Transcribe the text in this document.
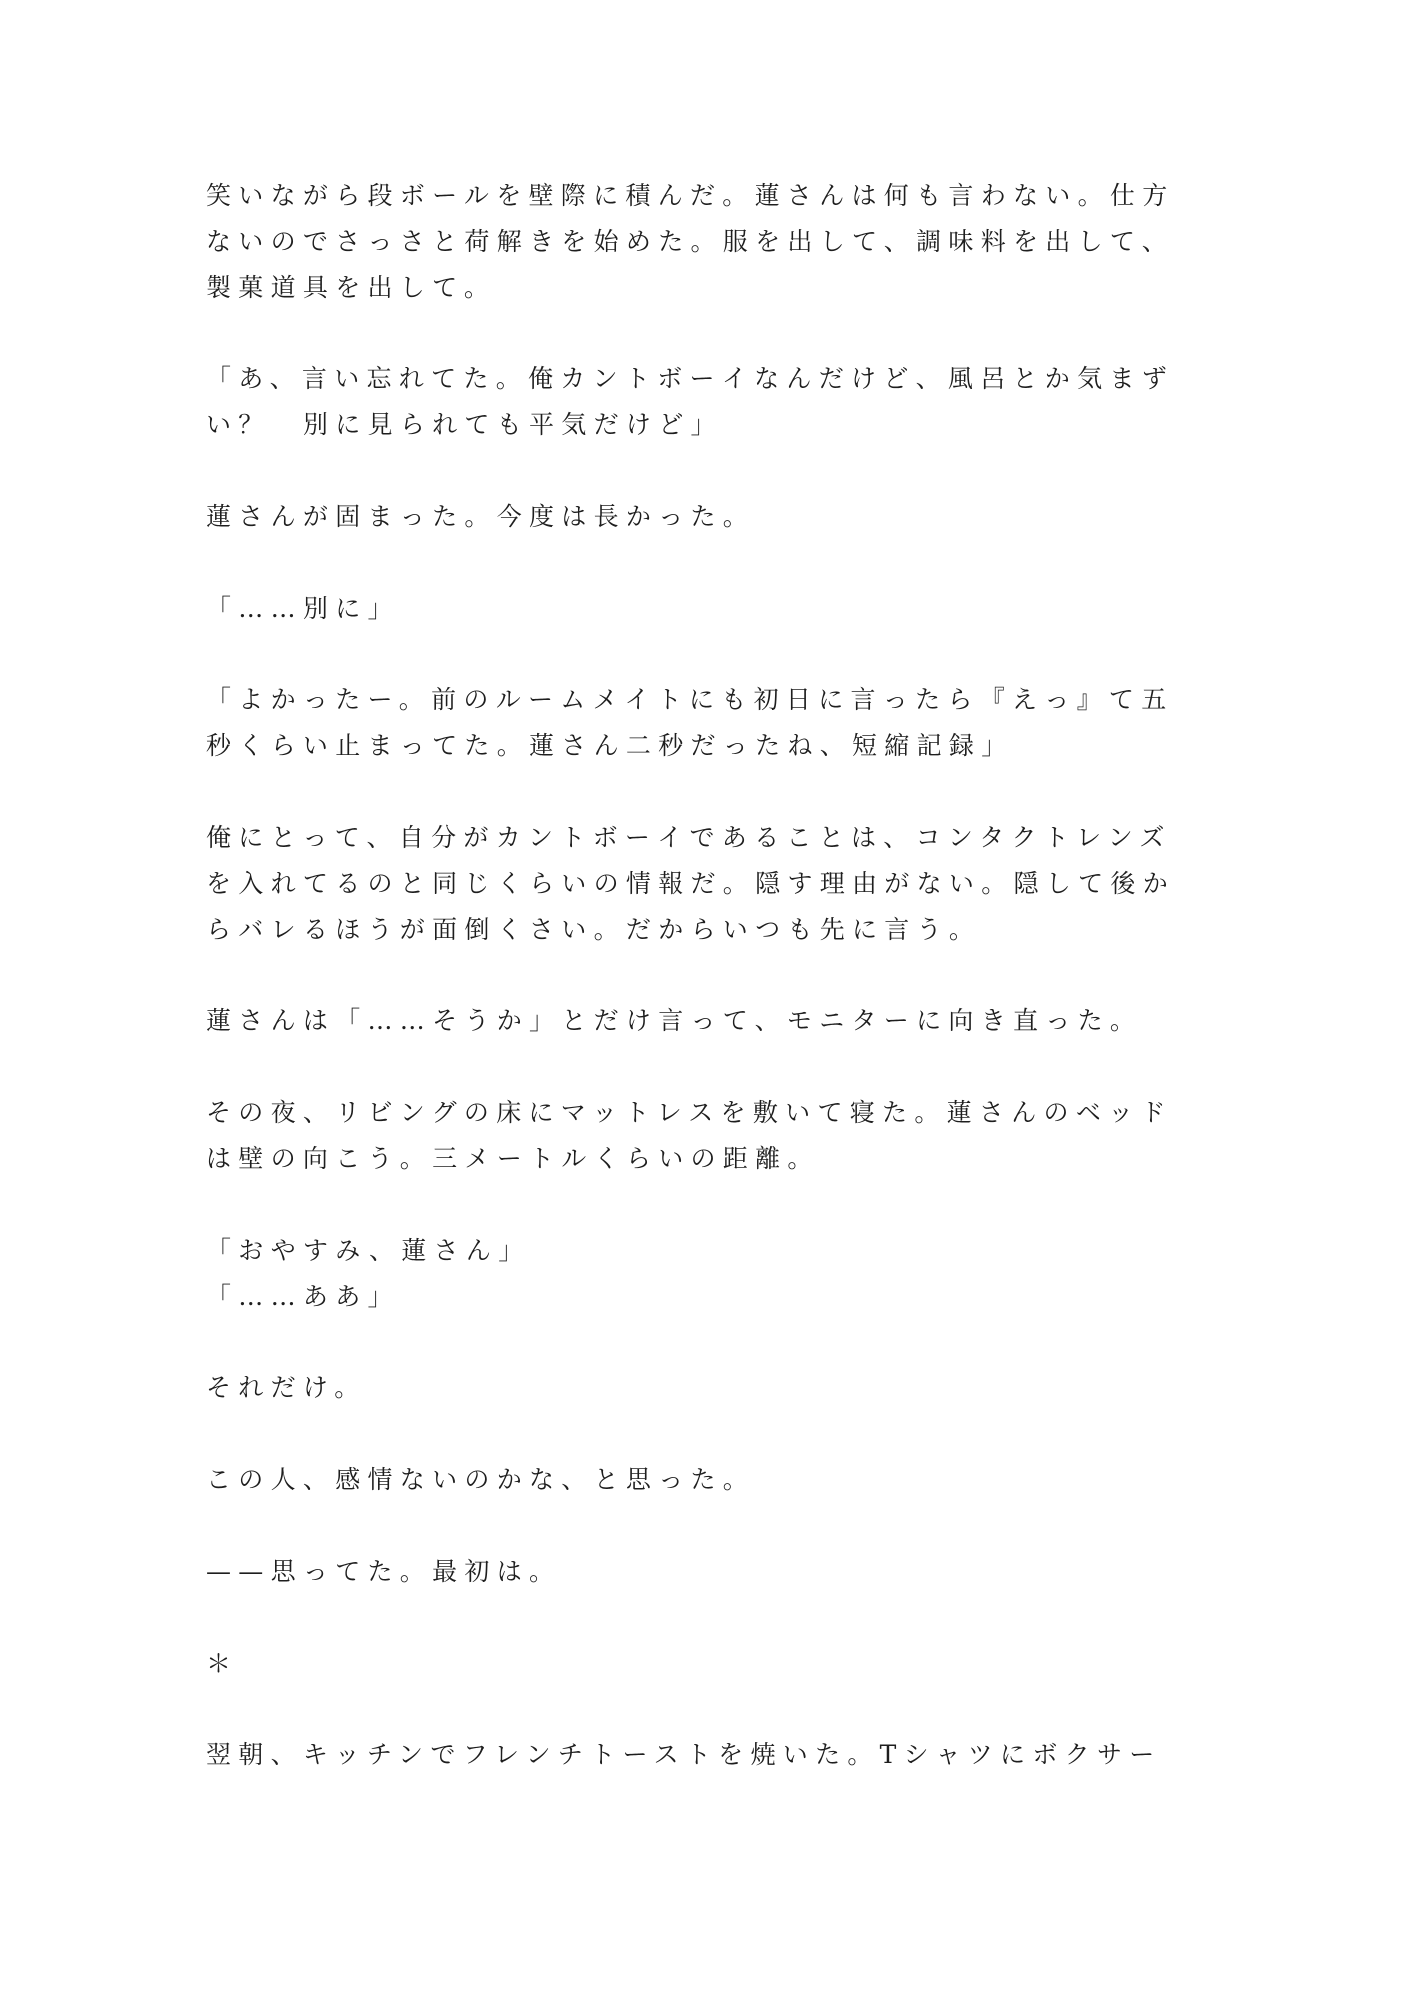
笑いながら段ボールを壁際に積んだ。蓮さんは何も言わない。仕方
ないのでさっさと荷解きを始めた。服を出して、調味料を出して、
製菓道具を出して。
「あ、言い忘れてた。俺カントボーイなんだけど、風呂とか気まず
い？　別に見られても平気だけど」
蓮さんが固まった。今度は長かった。
「……別に」
「よかったー。前のルームメイトにも初日に言ったら『えっ』て五
秒くらい止まってた。蓮さん二秒だったね、短縮記録」
俺にとって、自分がカントボーイであることは、コンタクトレンズ
を入れてるのと同じくらいの情報だ。隠す理由がない。隠して後か
らバレるほうが面倒くさい。だからいつも先に言う。
蓮さんは「……そうか」とだけ言って、モニターに向き直った。
その夜、リビングの床にマットレスを敷いて寝た。蓮さんのベッド
は壁の向こう。三メートルくらいの距離。
「おやすみ、蓮さん」
「……ああ」
それだけ。
この人、感情ないのかな、と思った。
——思ってた。最初は。
＊
翌朝、キッチンでフレンチトーストを焼いた。Tシャツにボクサー
